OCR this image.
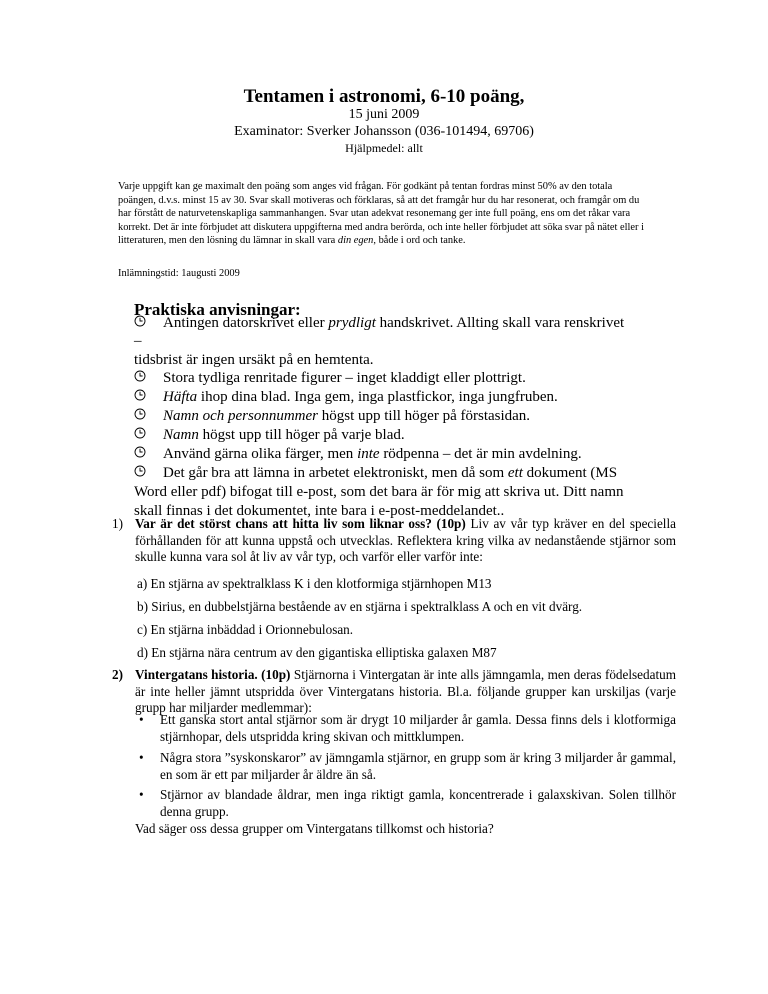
Tentamen i astronomi, 6-10 poäng,
15 juni 2009
Examinator: Sverker Johansson (036-101494, 69706)
Hjälpmedel: allt
Varje uppgift kan ge maximalt den poäng som anges vid frågan. För godkänt på tentan fordras minst 50% av den totala poängen, d.v.s. minst 15 av 30. Svar skall motiveras och förklaras, så att det framgår hur du har resonerat, och framgår om du har förstått de naturvetenskapliga sammanhangen. Svar utan adekvat resonemang ger inte full poäng, ens om det råkar vara korrekt. Det är inte förbjudet att diskutera uppgifterna med andra berörda, och inte heller förbjudet att söka svar på nätet eller i litteraturen, men den lösning du lämnar in skall vara din egen, både i ord och tanke.
Inlämningstid: 1augusti 2009
Praktiska anvisningar:
Antingen datorskrivet eller prydligt handskrivet. Allting skall vara renskrivet
–
tidsbrist är ingen ursäkt på en hemtenta.
Stora tydliga renritade figurer – inget kladdigt eller plottrigt.
Häfta ihop dina blad. Inga gem, inga plastfickor, inga jungfruben.
Namn och personnummer högst upp till höger på förstasidan.
Namn högst upp till höger på varje blad.
Använd gärna olika färger, men inte rödpenna – det är min avdelning.
Det går bra att lämna in arbetet elektroniskt, men då som ett dokument (MS
Word eller pdf) bifogat till e-post, som det bara är för mig att skriva ut. Ditt namn
skall finnas i det dokumentet, inte bara i e-post-meddelandet..
1) Var är det störst chans att hitta liv som liknar oss? (10p) Liv av vår typ kräver en del speciella förhållanden för att kunna uppstå och utvecklas. Reflektera kring vilka av nedanstående stjärnor som skulle kunna vara sol åt liv av vår typ, och varför eller varför inte:
a) En stjärna av spektralklass K i den klotformiga stjärnhopen M13
b) Sirius, en dubbelstjärna bestående av en stjärna i spektralklass A och en vit dvärg.
c) En stjärna inbäddad i Orionnebulosan.
d) En stjärna nära centrum av den gigantiska elliptiska galaxen M87
2) Vintergatans historia. (10p) Stjärnorna i Vintergatan är inte alls jämngamla, men deras födelsedatum är inte heller jämnt utspridda över Vintergatans historia. Bl.a. följande grupper kan urskiljas (varje grupp har miljarder medlemmar):
• Ett ganska stort antal stjärnor som är drygt 10 miljarder år gamla. Dessa finns dels i klotformiga stjärnhopar, dels utspridda kring skivan och mittklumpen.
• Några stora ”syskonskaror” av jämngamla stjärnor, en grupp som är kring 3 miljarder år gammal, en som är ett par miljarder år äldre än så.
• Stjärnor av blandade åldrar, men inga riktigt gamla, koncentrerade i galaxskivan. Solen tillhör denna grupp.
Vad säger oss dessa grupper om Vintergatans tillkomst och historia?
